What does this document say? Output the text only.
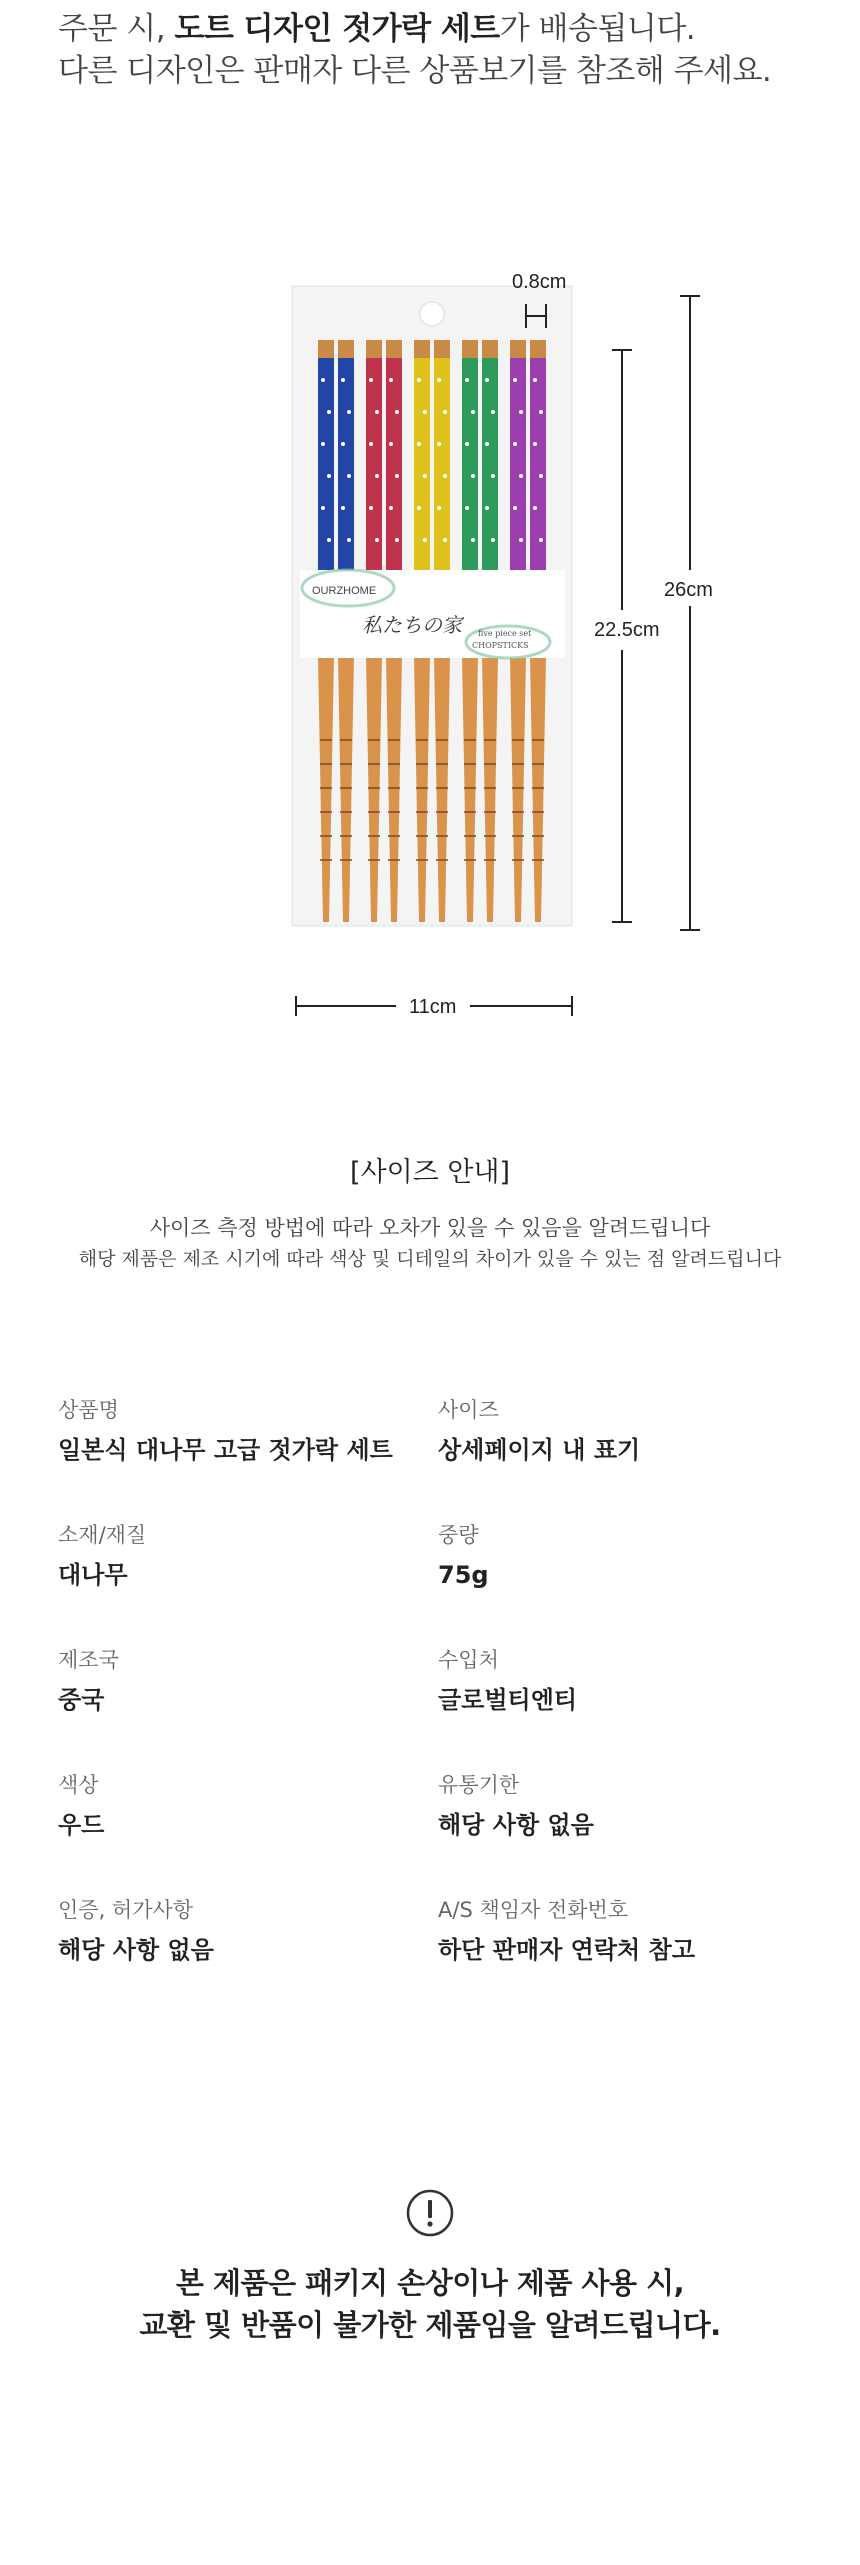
주문 시, 도트 디자인 젓가락 세트가 배송됩니다.
다른 디자인은 판매자 다른 상품보기를 참조해 주세요.
OURZHOME
私たちの家	five piece set
CHOPSTICKS
0.8cm
22.5cm
26cm
11cm
[사이즈 안내]
사이즈 측정 방법에 따라 오차가 있을 수 있음을 알려드립니다
해당 제품은 제조 시기에 따라 색상 및 디테일의 차이가 있을 수 있는 점 알려드립니다
상품명
일본식 대나무 고급 젓가락 세트
사이즈
상세페이지 내 표기
소재/재질
대나무
중량
75g
제조국
중국
수입처
글로벌티엔티
색상
우드
유통기한
해당 사항 없음
인증, 허가사항
해당 사항 없음
A/S 책임자 전화번호
하단 판매자 연락처 참고
본 제품은 패키지 손상이나 제품 사용 시,
교환 및 반품이 불가한 제품임을 알려드립니다.
